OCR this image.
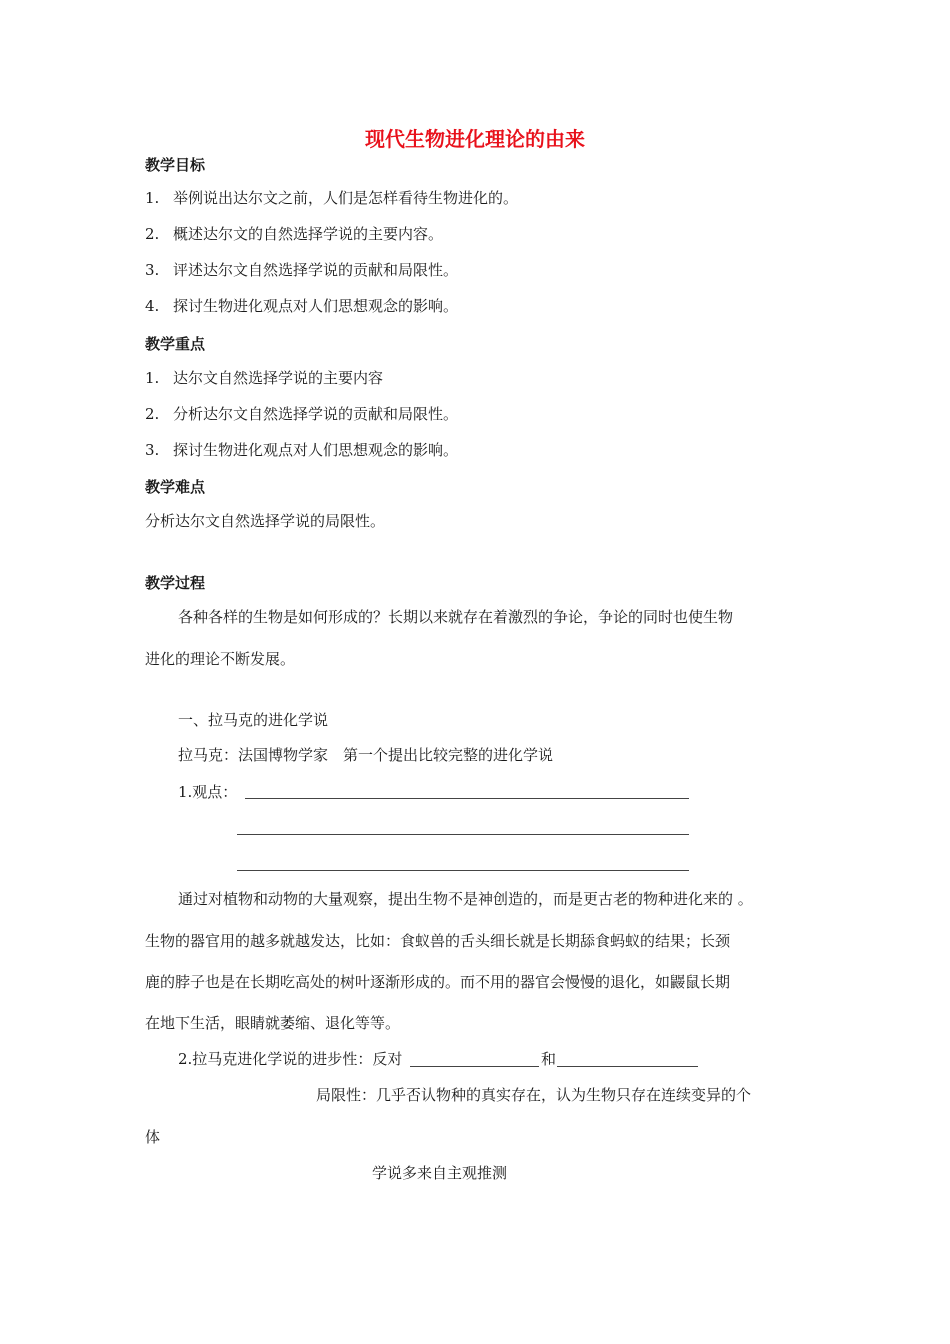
现代生物进化理论的由来
教学目标
1. 举例说出达尔文之前，人们是怎样看待生物进化的。
2. 概述达尔文的自然选择学说的主要内容。
3. 评述达尔文自然选择学说的贡献和局限性。
4. 探讨生物进化观点对人们思想观念的影响。
教学重点
1. 达尔文自然选择学说的主要内容
2. 分析达尔文自然选择学说的贡献和局限性。
3. 探讨生物进化观点对人们思想观念的影响。
教学难点
分析达尔文自然选择学说的局限性。
教学过程
各种各样的生物是如何形成的？长期以来就存在着激烈的争论，争论的同时也使生物
进化的理论不断发展。
一、拉马克的进化学说
拉马克：法国博物学家　第一个提出比较完整的进化学说
1.观点：
通过对植物和动物的大量观察，提出生物不是神创造的，而是更古老的物种进化来的 。
生物的器官用的越多就越发达，比如：食蚁兽的舌头细长就是长期舔食蚂蚁的结果；长颈
鹿的脖子也是在长期吃高处的树叶逐渐形成的。而不用的器官会慢慢的退化，如鼹鼠长期
在地下生活，眼睛就萎缩、退化等等。
2.拉马克进化学说的进步性：反对	和
局限性：几乎否认物种的真实存在，认为生物只存在连续变异的个
体
学说多来自主观推测
